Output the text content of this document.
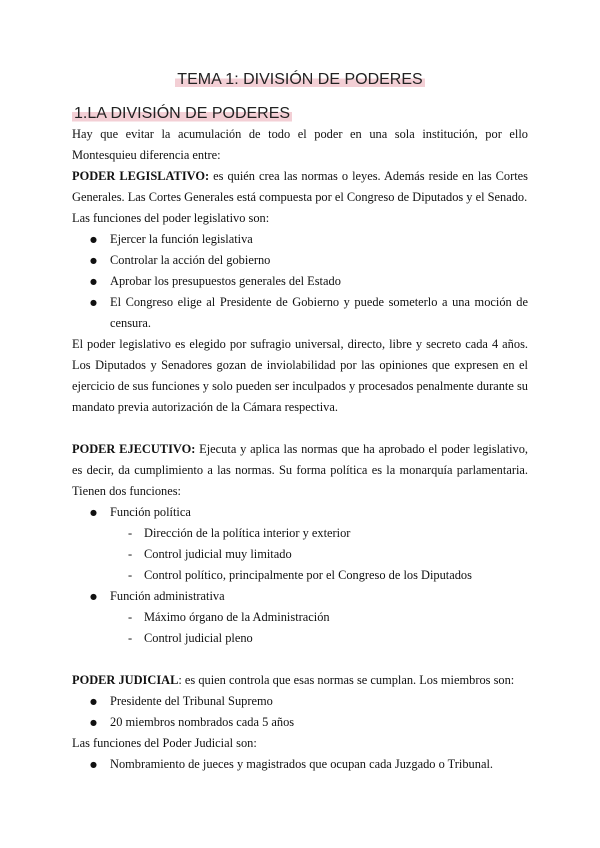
TEMA 1: DIVISIÓN DE PODERES
1.LA DIVISIÓN DE PODERES

Hay que evitar la acumulación de todo el poder en una sola institución, por ello Montesquieu diferencia entre:

PODER LEGISLATIVO: es quién crea las normas o leyes. Además reside en las Cortes Generales. Las Cortes Generales está compuesta por el Congreso de Diputados y el Senado.

Las funciones del poder legislativo son:

● Ejercer la función legislativa
● Controlar la acción del gobierno
● Aprobar los presupuestos generales del Estado
● El Congreso elige al Presidente de Gobierno y puede someterlo a una moción de censura.

El poder legislativo es elegido por sufragio universal, directo, libre y secreto cada 4 años. Los Diputados y Senadores gozan de inviolabilidad por las opiniones que expresen en el ejercicio de sus funciones y solo pueden ser inculpados y procesados penalmente durante su mandato previa autorización de la Cámara respectiva.

PODER EJECUTIVO: Ejecuta y aplica las normas que ha aprobado el poder legislativo, es decir, da cumplimiento a las normas. Su forma política es la monarquía parlamentaria. Tienen dos funciones:

● Función política
- Dirección de la política interior y exterior
- Control judicial muy limitado
- Control político, principalmente por el Congreso de los Diputados
● Función administrativa
- Máximo órgano de la Administración
- Control judicial pleno

PODER JUDICIAL: es quien controla que esas normas se cumplan. Los miembros son:

● Presidente del Tribunal Supremo
● 20 miembros nombrados cada 5 años

Las funciones del Poder Judicial son:

● Nombramiento de jueces y magistrados que ocupan cada Juzgado o Tribunal.
